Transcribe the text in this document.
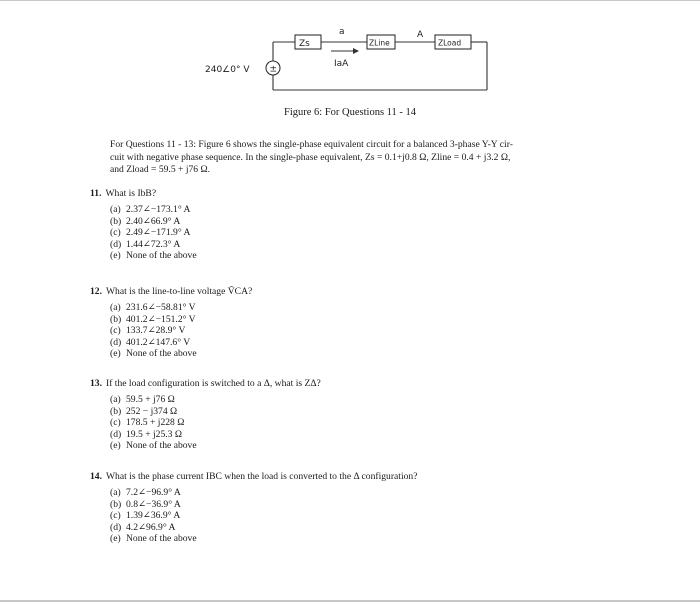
±
Zs
a
IaA
ZLine
A
ZLoad
240∠0° V
Figure 6: For Questions 11 - 14
For Questions 11 - 13: Figure 6 shows the single-phase equivalent circuit for a balanced 3-phase Y-Y cir-
cuit with negative phase sequence. In the single-phase equivalent, Zs = 0.1+j0.8 Ω, Zline = 0.4 + j3.2 Ω,
and Zload = 59.5 + j76 Ω.
11. What is IbB?
(a) 2.37∠−173.1° A
(b) 2.40∠66.9° A
(c) 2.49∠−171.9° A
(d) 1.44∠72.3° A
(e) None of the above
12. What is the line-to-line voltage ṼCA?
(a) 231.6∠−58.81° V
(b) 401.2∠−151.2° V
(c) 133.7∠28.9° V
(d) 401.2∠147.6° V
(e) None of the above
13. If the load configuration is switched to a Δ, what is ZΔ?
(a) 59.5 + j76 Ω
(b) 252 − j374 Ω
(c) 178.5 + j228 Ω
(d) 19.5 + j25.3 Ω
(e) None of the above
14. What is the phase current IBC when the load is converted to the Δ configuration?
(a) 7.2∠−96.9° A
(b) 0.8∠−36.9° A
(c) 1.39∠36.9° A
(d) 4.2∠96.9° A
(e) None of the above
